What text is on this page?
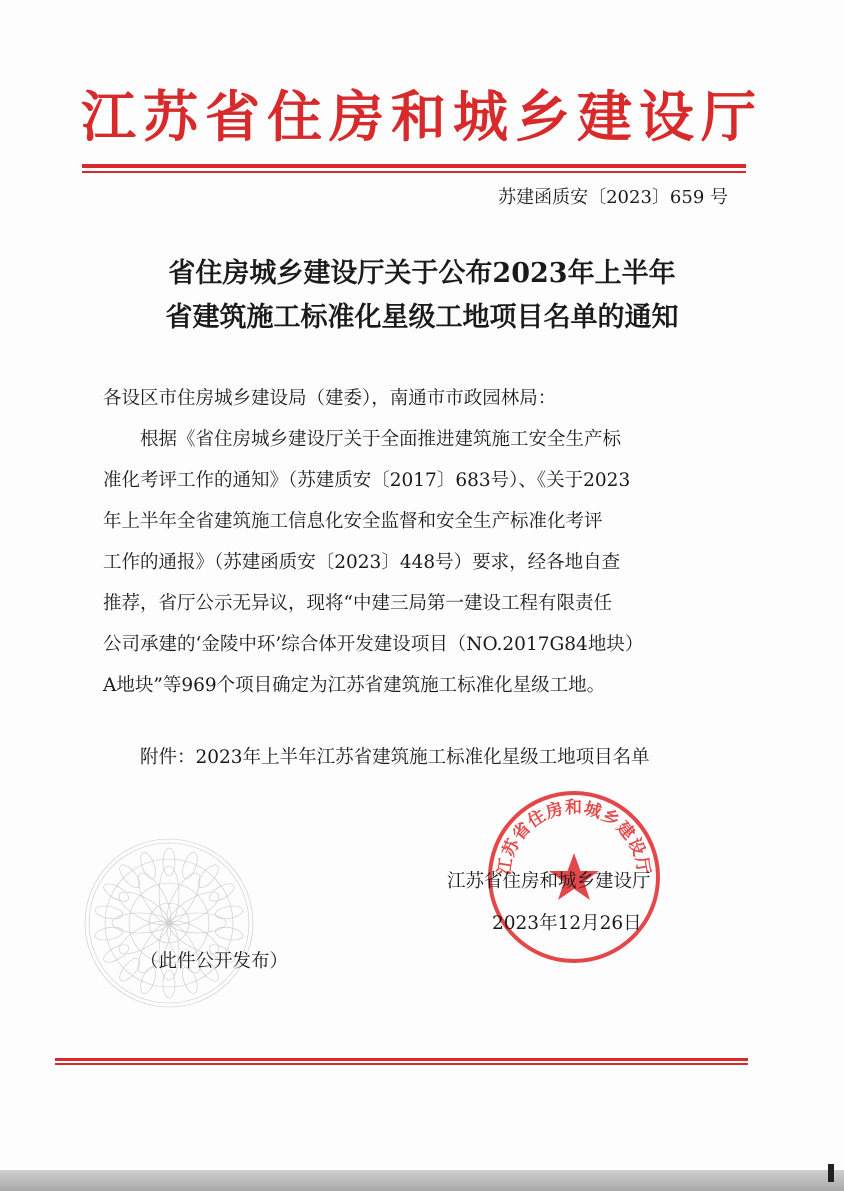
江苏省住房和城乡建设厅
苏建函质安〔2023〕659 号
省住房城乡建设厅关于公布2023年上半年
省建筑施工标准化星级工地项目名单的通知
各设区市住房城乡建设局（建委），南通市市政园林局：
根据《省住房城乡建设厅关于全面推进建筑施工安全生产标
准化考评工作的通知》（苏建质安〔2017〕683号）、《关于2023
年上半年全省建筑施工信息化安全监督和安全生产标准化考评
工作的通报》（苏建函质安〔2023〕448号）要求，经各地自查
推荐，省厅公示无异议，现将“中建三局第一建设工程有限责任
公司承建的‘金陵中环’综合体开发建设项目（NO.2017G84地块）
A地块”等969个项目确定为江苏省建筑施工标准化星级工地。
附件：2023年上半年江苏省建筑施工标准化星级工地项目名单
江苏省住房和城乡建设厅
江苏省住房和城乡建设厅
2023年12月26日
（此件公开发布）
